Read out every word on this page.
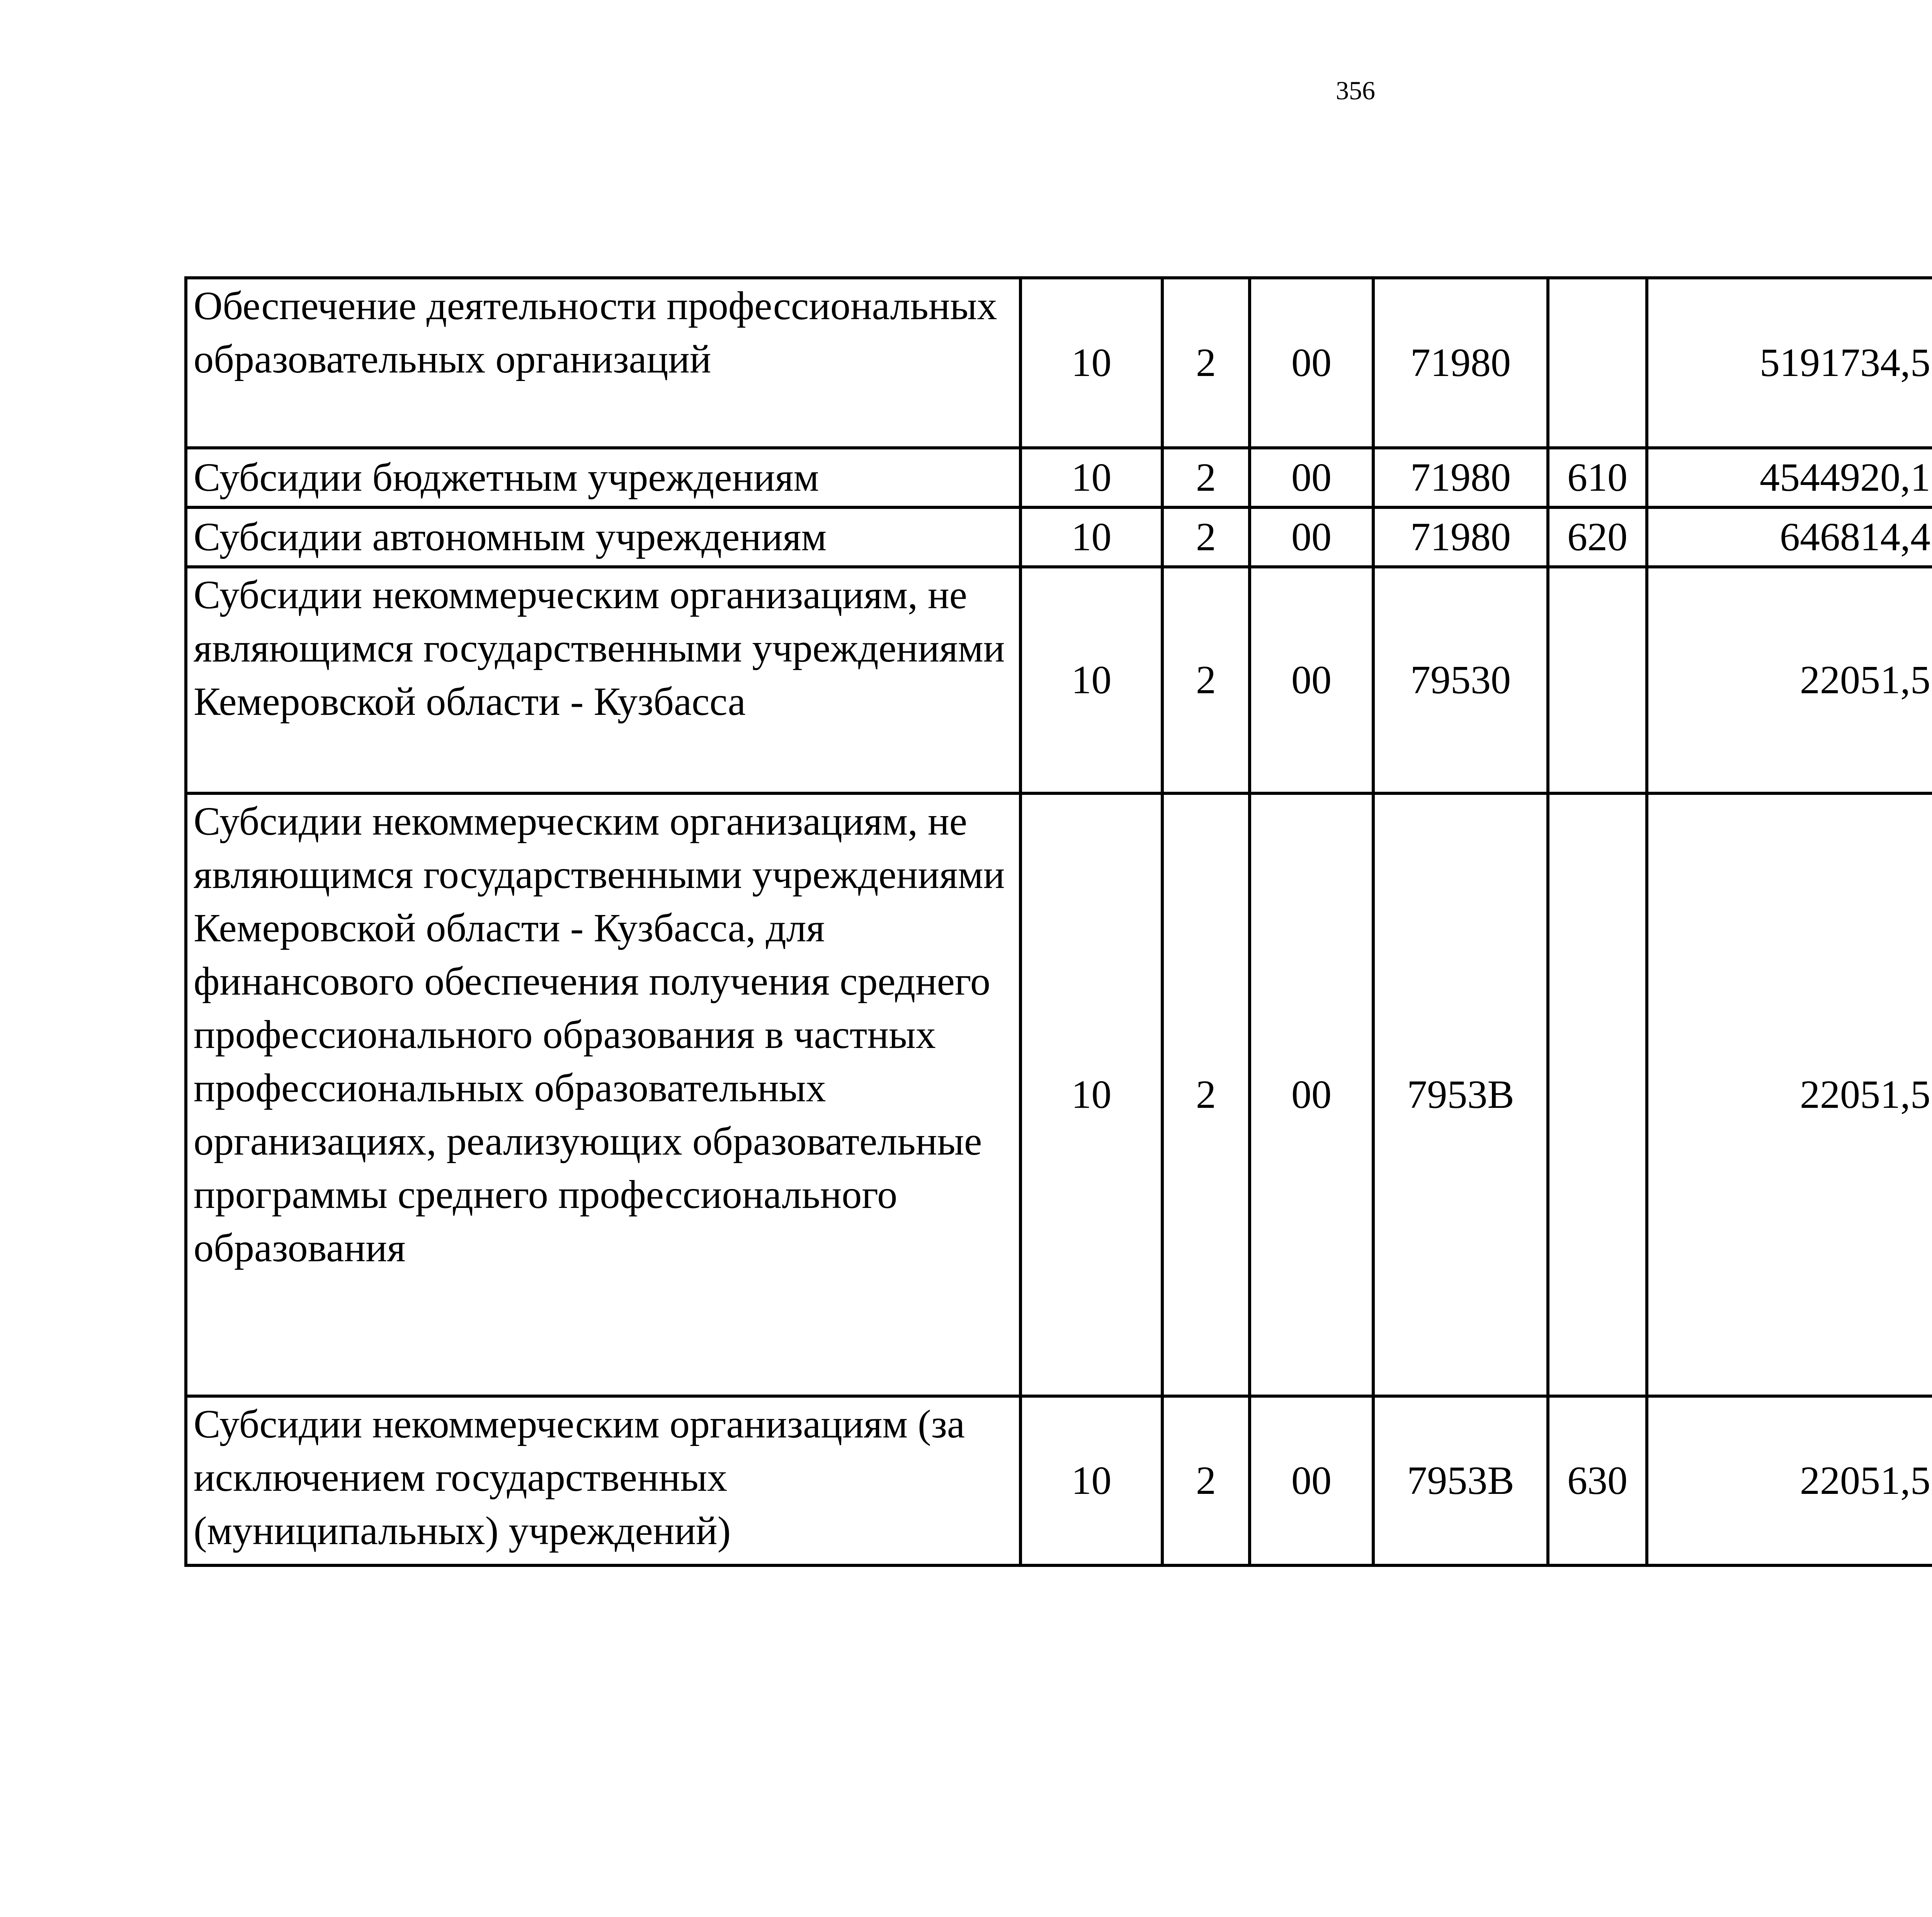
356
Обеспечение деятельности профессиональных образовательных организаций	10	2	00	71980		5191734,5		
Субсидии бюджетным учреждениям	10	2	00	71980	610	4544920,1		
Субсидии автономным учреждениям	10	2	00	71980	620	646814,4		
Субсидии некоммерческим организациям, не являющимся государственными учреждениями Кемеровской области - Кузбасса	10	2	00	79530		22051,5		
Субсидии некоммерческим организациям, не являющимся государственными учреждениями Кемеровской области - Кузбасса, для финансового обеспечения получения среднего профессионального образования в частных профессиональных образовательных организациях, реализующих образовательные программы среднего профессионального образования	10	2	00	7953В		22051,5		
Субсидии некоммерческим организациям (за исключением государственных (муниципальных) учреждений)	10	2	00	7953В	630	22051,5		
